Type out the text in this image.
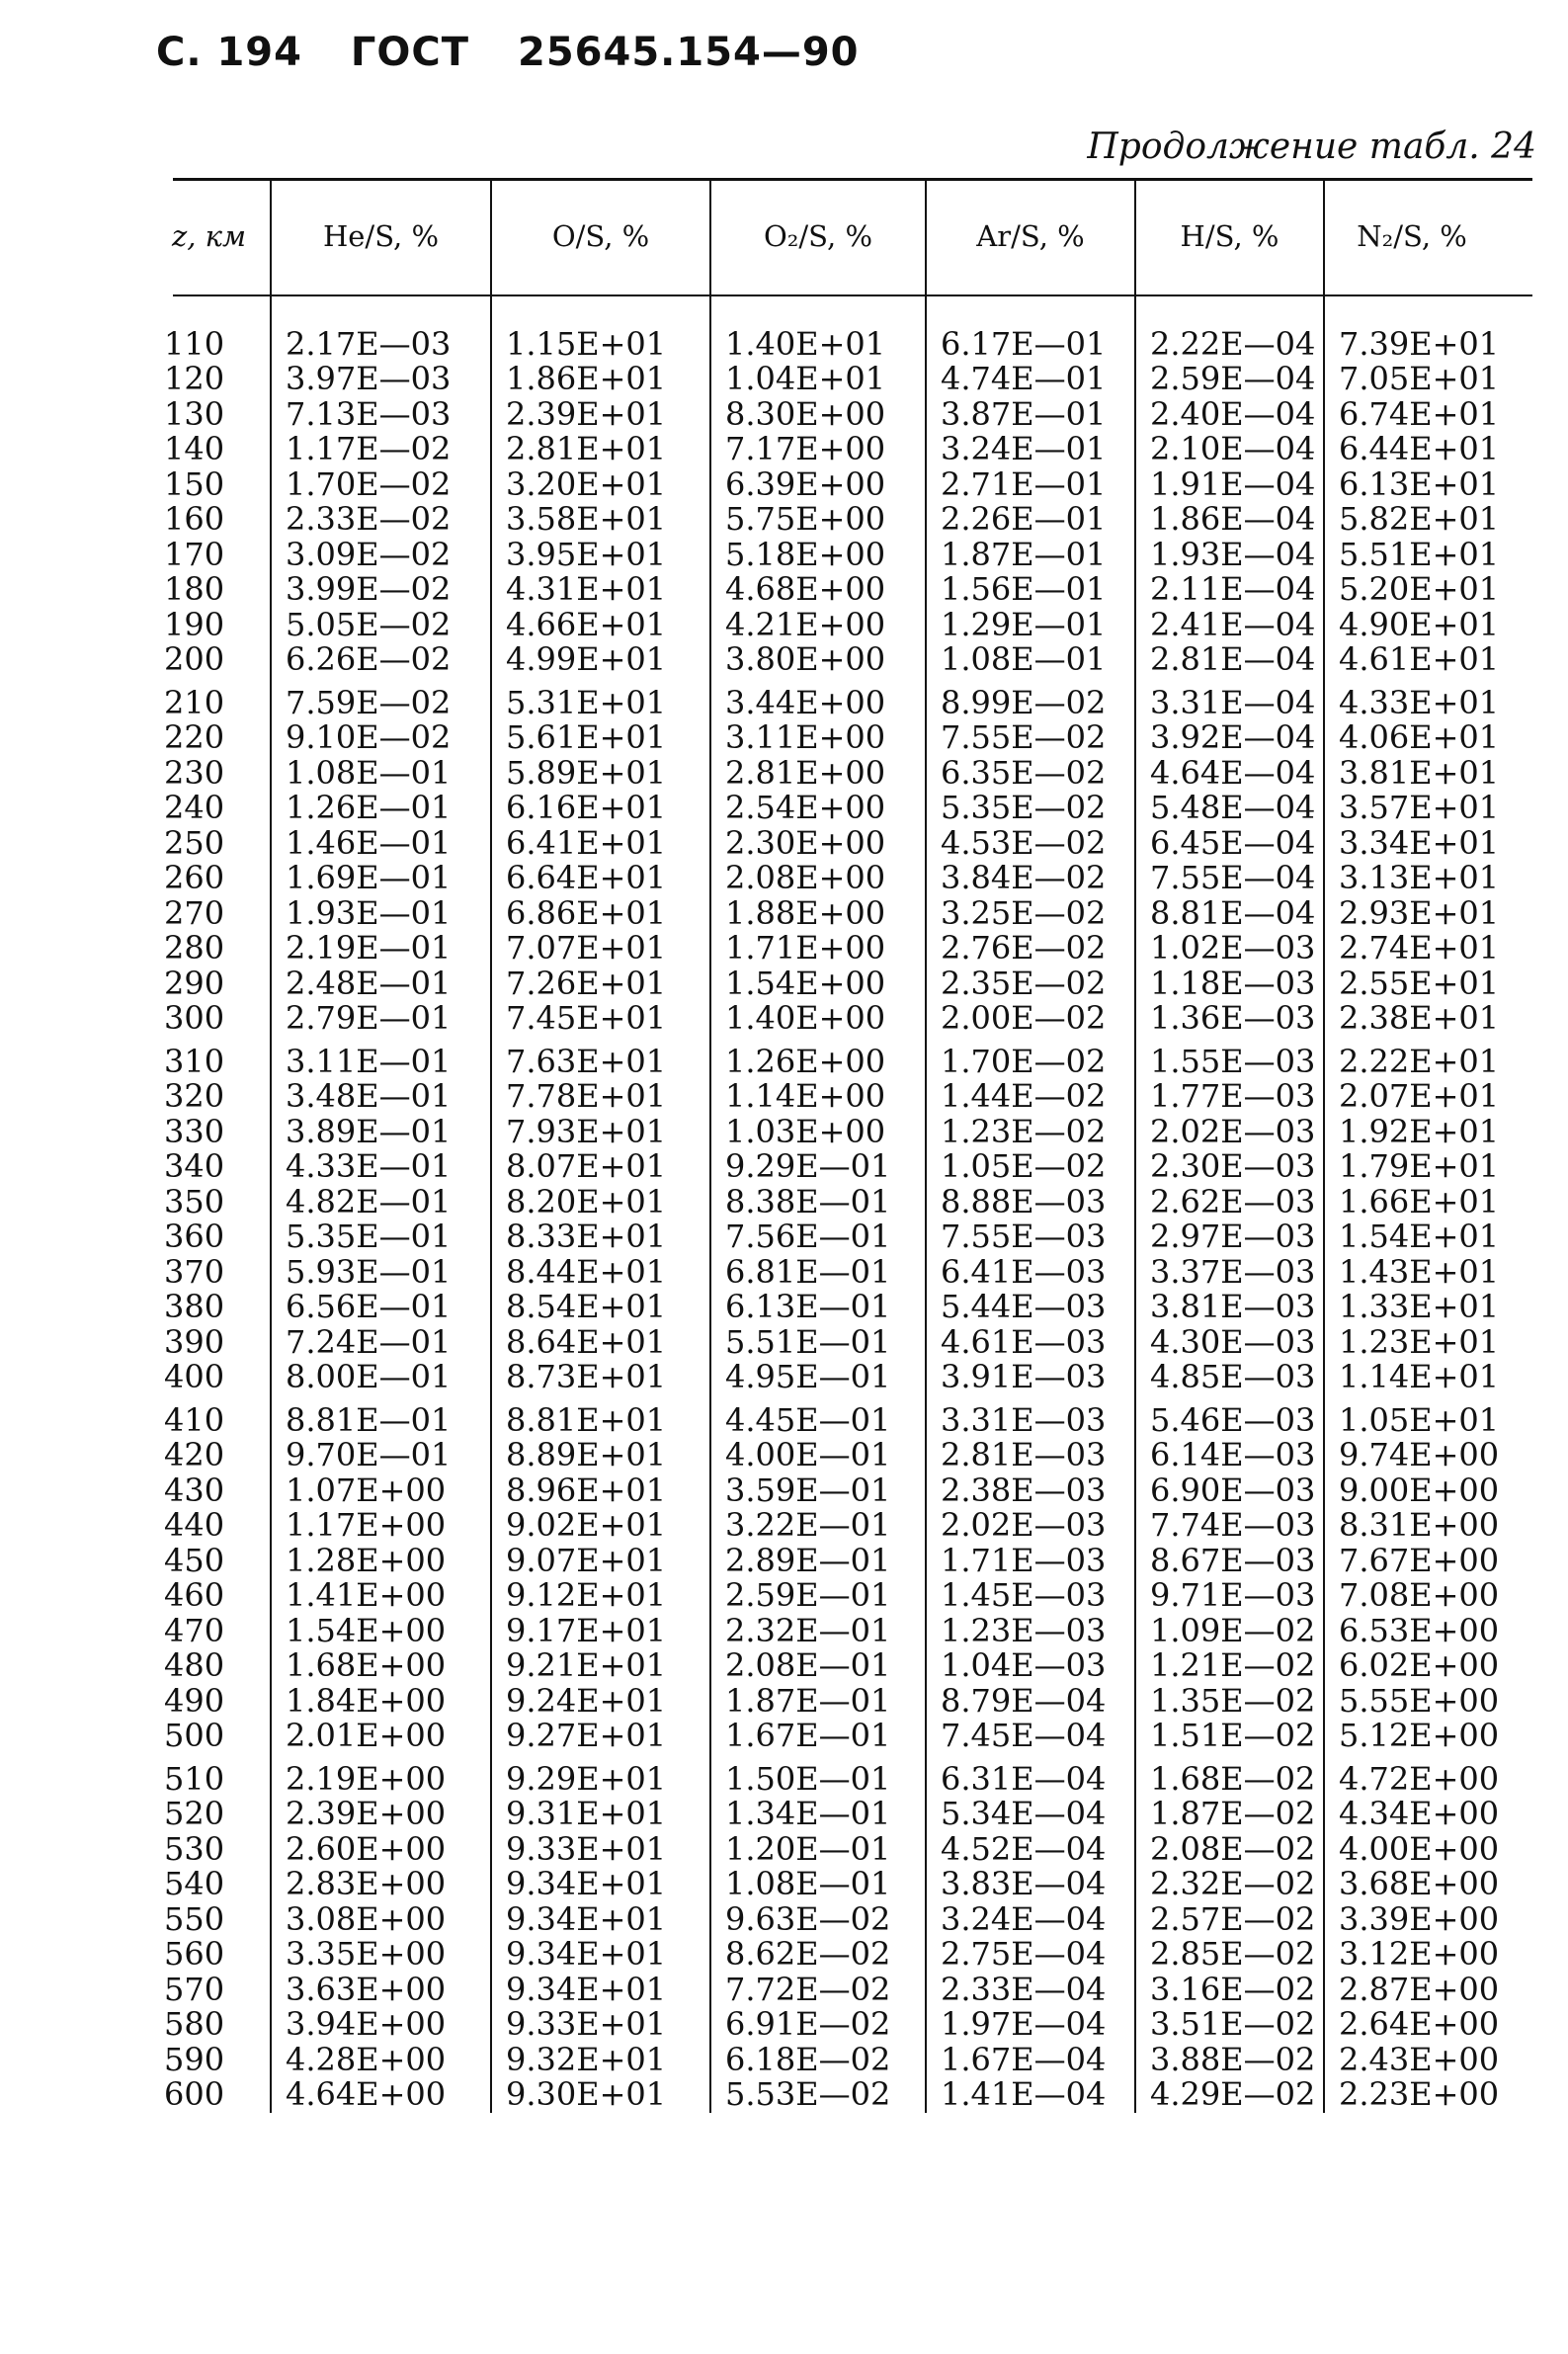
С. 194 ГОСТ 25645.154—90
Продолжение табл. 24
z, км	He/S, %	O/S, %	O₂/S, %	Ar/S, %	H/S, %	N₂/S, %

110	2.17E—03	1.15E+01	1.40E+01	6.17E—01	2.22E—04	7.39E+01
120	3.97E—03	1.86E+01	1.04E+01	4.74E—01	2.59E—04	7.05E+01
130	7.13E—03	2.39E+01	8.30E+00	3.87E—01	2.40E—04	6.74E+01
140	1.17E—02	2.81E+01	7.17E+00	3.24E—01	2.10E—04	6.44E+01
150	1.70E—02	3.20E+01	6.39E+00	2.71E—01	1.91E—04	6.13E+01
160	2.33E—02	3.58E+01	5.75E+00	2.26E—01	1.86E—04	5.82E+01
170	3.09E—02	3.95E+01	5.18E+00	1.87E—01	1.93E—04	5.51E+01
180	3.99E—02	4.31E+01	4.68E+00	1.56E—01	2.11E—04	5.20E+01
190	5.05E—02	4.66E+01	4.21E+00	1.29E—01	2.41E—04	4.90E+01
200	6.26E—02	4.99E+01	3.80E+00	1.08E—01	2.81E—04	4.61E+01
210	7.59E—02	5.31E+01	3.44E+00	8.99E—02	3.31E—04	4.33E+01
220	9.10E—02	5.61E+01	3.11E+00	7.55E—02	3.92E—04	4.06E+01
230	1.08E—01	5.89E+01	2.81E+00	6.35E—02	4.64E—04	3.81E+01
240	1.26E—01	6.16E+01	2.54E+00	5.35E—02	5.48E—04	3.57E+01
250	1.46E—01	6.41E+01	2.30E+00	4.53E—02	6.45E—04	3.34E+01
260	1.69E—01	6.64E+01	2.08E+00	3.84E—02	7.55E—04	3.13E+01
270	1.93E—01	6.86E+01	1.88E+00	3.25E—02	8.81E—04	2.93E+01
280	2.19E—01	7.07E+01	1.71E+00	2.76E—02	1.02E—03	2.74E+01
290	2.48E—01	7.26E+01	1.54E+00	2.35E—02	1.18E—03	2.55E+01
300	2.79E—01	7.45E+01	1.40E+00	2.00E—02	1.36E—03	2.38E+01
310	3.11E—01	7.63E+01	1.26E+00	1.70E—02	1.55E—03	2.22E+01
320	3.48E—01	7.78E+01	1.14E+00	1.44E—02	1.77E—03	2.07E+01
330	3.89E—01	7.93E+01	1.03E+00	1.23E—02	2.02E—03	1.92E+01
340	4.33E—01	8.07E+01	9.29E—01	1.05E—02	2.30E—03	1.79E+01
350	4.82E—01	8.20E+01	8.38E—01	8.88E—03	2.62E—03	1.66E+01
360	5.35E—01	8.33E+01	7.56E—01	7.55E—03	2.97E—03	1.54E+01
370	5.93E—01	8.44E+01	6.81E—01	6.41E—03	3.37E—03	1.43E+01
380	6.56E—01	8.54E+01	6.13E—01	5.44E—03	3.81E—03	1.33E+01
390	7.24E—01	8.64E+01	5.51E—01	4.61E—03	4.30E—03	1.23E+01
400	8.00E—01	8.73E+01	4.95E—01	3.91E—03	4.85E—03	1.14E+01
410	8.81E—01	8.81E+01	4.45E—01	3.31E—03	5.46E—03	1.05E+01
420	9.70E—01	8.89E+01	4.00E—01	2.81E—03	6.14E—03	9.74E+00
430	1.07E+00	8.96E+01	3.59E—01	2.38E—03	6.90E—03	9.00E+00
440	1.17E+00	9.02E+01	3.22E—01	2.02E—03	7.74E—03	8.31E+00
450	1.28E+00	9.07E+01	2.89E—01	1.71E—03	8.67E—03	7.67E+00
460	1.41E+00	9.12E+01	2.59E—01	1.45E—03	9.71E—03	7.08E+00
470	1.54E+00	9.17E+01	2.32E—01	1.23E—03	1.09E—02	6.53E+00
480	1.68E+00	9.21E+01	2.08E—01	1.04E—03	1.21E—02	6.02E+00
490	1.84E+00	9.24E+01	1.87E—01	8.79E—04	1.35E—02	5.55E+00
500	2.01E+00	9.27E+01	1.67E—01	7.45E—04	1.51E—02	5.12E+00
510	2.19E+00	9.29E+01	1.50E—01	6.31E—04	1.68E—02	4.72E+00
520	2.39E+00	9.31E+01	1.34E—01	5.34E—04	1.87E—02	4.34E+00
530	2.60E+00	9.33E+01	1.20E—01	4.52E—04	2.08E—02	4.00E+00
540	2.83E+00	9.34E+01	1.08E—01	3.83E—04	2.32E—02	3.68E+00
550	3.08E+00	9.34E+01	9.63E—02	3.24E—04	2.57E—02	3.39E+00
560	3.35E+00	9.34E+01	8.62E—02	2.75E—04	2.85E—02	3.12E+00
570	3.63E+00	9.34E+01	7.72E—02	2.33E—04	3.16E—02	2.87E+00
580	3.94E+00	9.33E+01	6.91E—02	1.97E—04	3.51E—02	2.64E+00
590	4.28E+00	9.32E+01	6.18E—02	1.67E—04	3.88E—02	2.43E+00
600	4.64E+00	9.30E+01	5.53E—02	1.41E—04	4.29E—02	2.23E+00
